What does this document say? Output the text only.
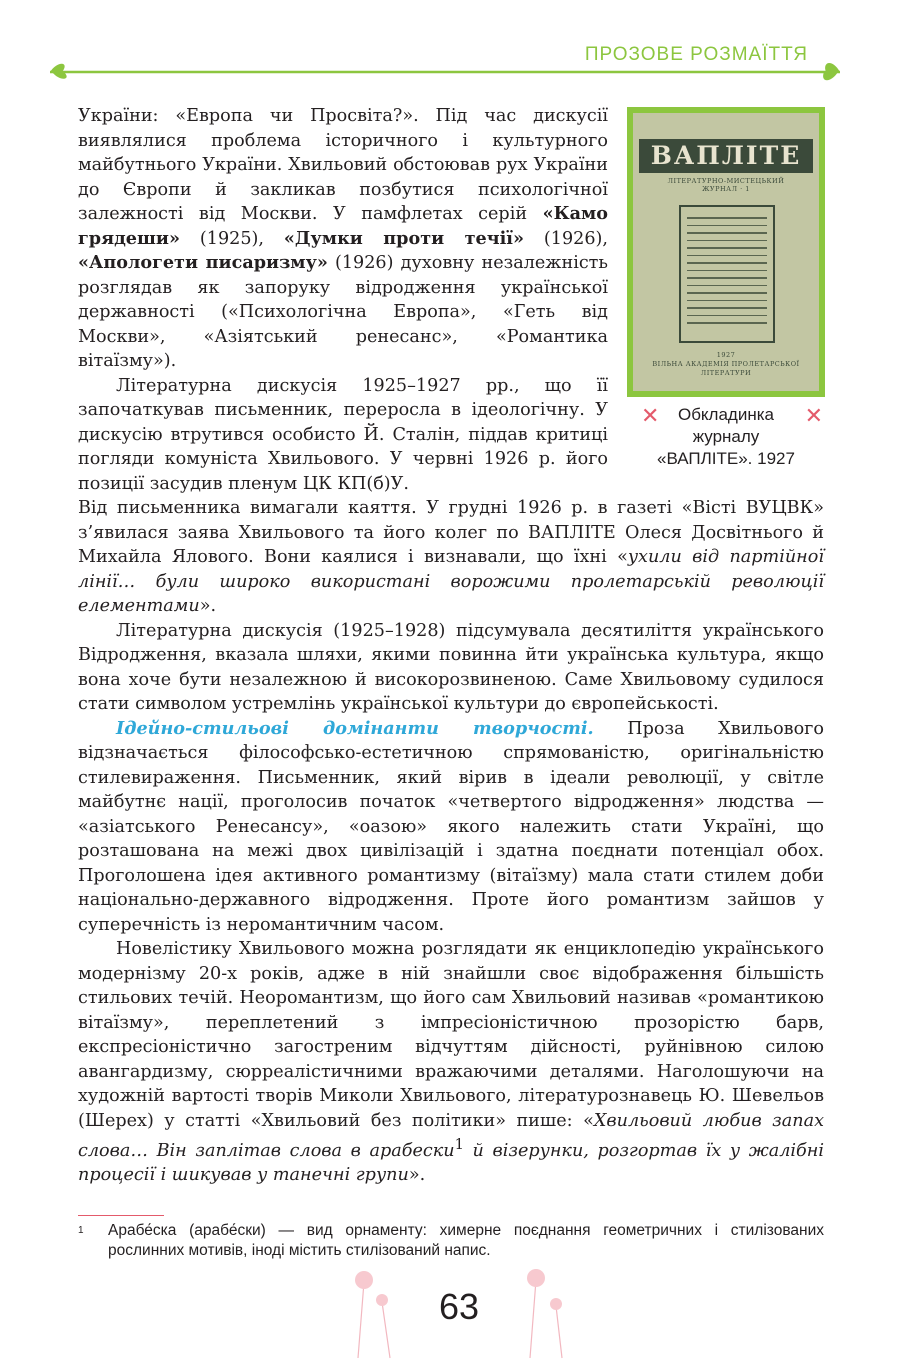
ПРОЗОВЕ РОЗМАЇТТЯ
ВАПЛІТЕ
ЛІТЕРАТУРНО-МИСТЕЦЬКИЙ ЖУРНАЛ · 1
1927
ВІЛЬНА АКАДЕМІЯ ПРОЛЕТАРСЬКОЇ ЛІТЕРАТУРИ
✕	✕
Обкладинка журналу «ВАПЛІТЕ». 1927

України: «Европа чи Просвіта?». Під час дискусії виявлялися проблема історичного і культурного майбутнього України. Хвильовий обстоював рух України до Європи й закликав позбутися психологічної залежності від Москви. У памфлетах серій «Камо грядеши» (1925), «Думки проти течії» (1926), «Апологети писаризму» (1926) духовну незалежність розглядав як запоруку відродження української державності («Психологічна Европа», «Геть від Москви», «Азіятський ренесанс», «Романтика вітаїзму»).

Літературна дискусія 1925–1927 рр., що її започаткував письменник, переросла в ідеологічну. У дискусію втрутився особисто Й. Сталін, піддав критиці погляди комуніста Хвильового. У червні 1926 р. його позиції засудив пленум ЦК КП(б)У.

Від письменника вимагали каяття. У грудні 1926 р. в газеті «Вісті ВУЦВК» з’явилася заява Хвильового та його колег по ВАПЛІТЕ Олеся Досвітнього й Михайла Ялового. Вони каялися і визнавали, що їхні «ухили від партійної лінії… були широко використані ворожими пролетарській революції елементами».

Літературна дискусія (1925–1928) підсумувала десятиліття українського Відродження, вказала шляхи, якими повинна йти українська культура, якщо вона хоче бути незалежною й високорозвиненою. Саме Хвильовому судилося стати символом устремлінь української культури до європейськості.

Ідейно-стильові домінанти творчості. Проза Хвильового відзначається філософсько-естетичною спрямованістю, оригінальністю стилевираження. Письменник, який вірив в ідеали революції, у світле майбутнє нації, проголосив початок «четвертого відродження» людства — «азіатського Ренесансу», «оазою» якого належить стати Україні, що розташована на межі двох цивілізацій і здатна поєднати потенціал обох. Проголошена ідея активного романтизму (вітаїзму) мала стати стилем доби національно-державного відродження. Проте його романтизм зайшов у суперечність із неромантичним часом.

Новелістику Хвильового можна розглядати як енциклопедію українського модернізму 20-х років, адже в ній знайшли своє відображення більшість стильових течій. Неоромантизм, що його сам Хвильовий називав «романтикою вітаїзму», переплетений з імпресіоністичною прозорістю барв, експресіоністично загостреним відчуттям дійсності, руйнівною силою авангардизму, сюрреалістичними вражаючими деталями. Наголошуючи на художній вартості творів Миколи Хвильового, літературознавець Ю. Шевельов (Шерех) у статті «Хвильовий без політики» пише: «Хвильовий любив запах слова… Він заплітав слова в арабески$^1$ й візерунки, розгортав їх у жалібні процесії і шикував у танечні групи».

1 Арабе́ска (арабе́ски) — вид орнаменту: химерне поєднання геометричних і стилізованих рослинних мотивів, іноді містить стилізований напис.
63
